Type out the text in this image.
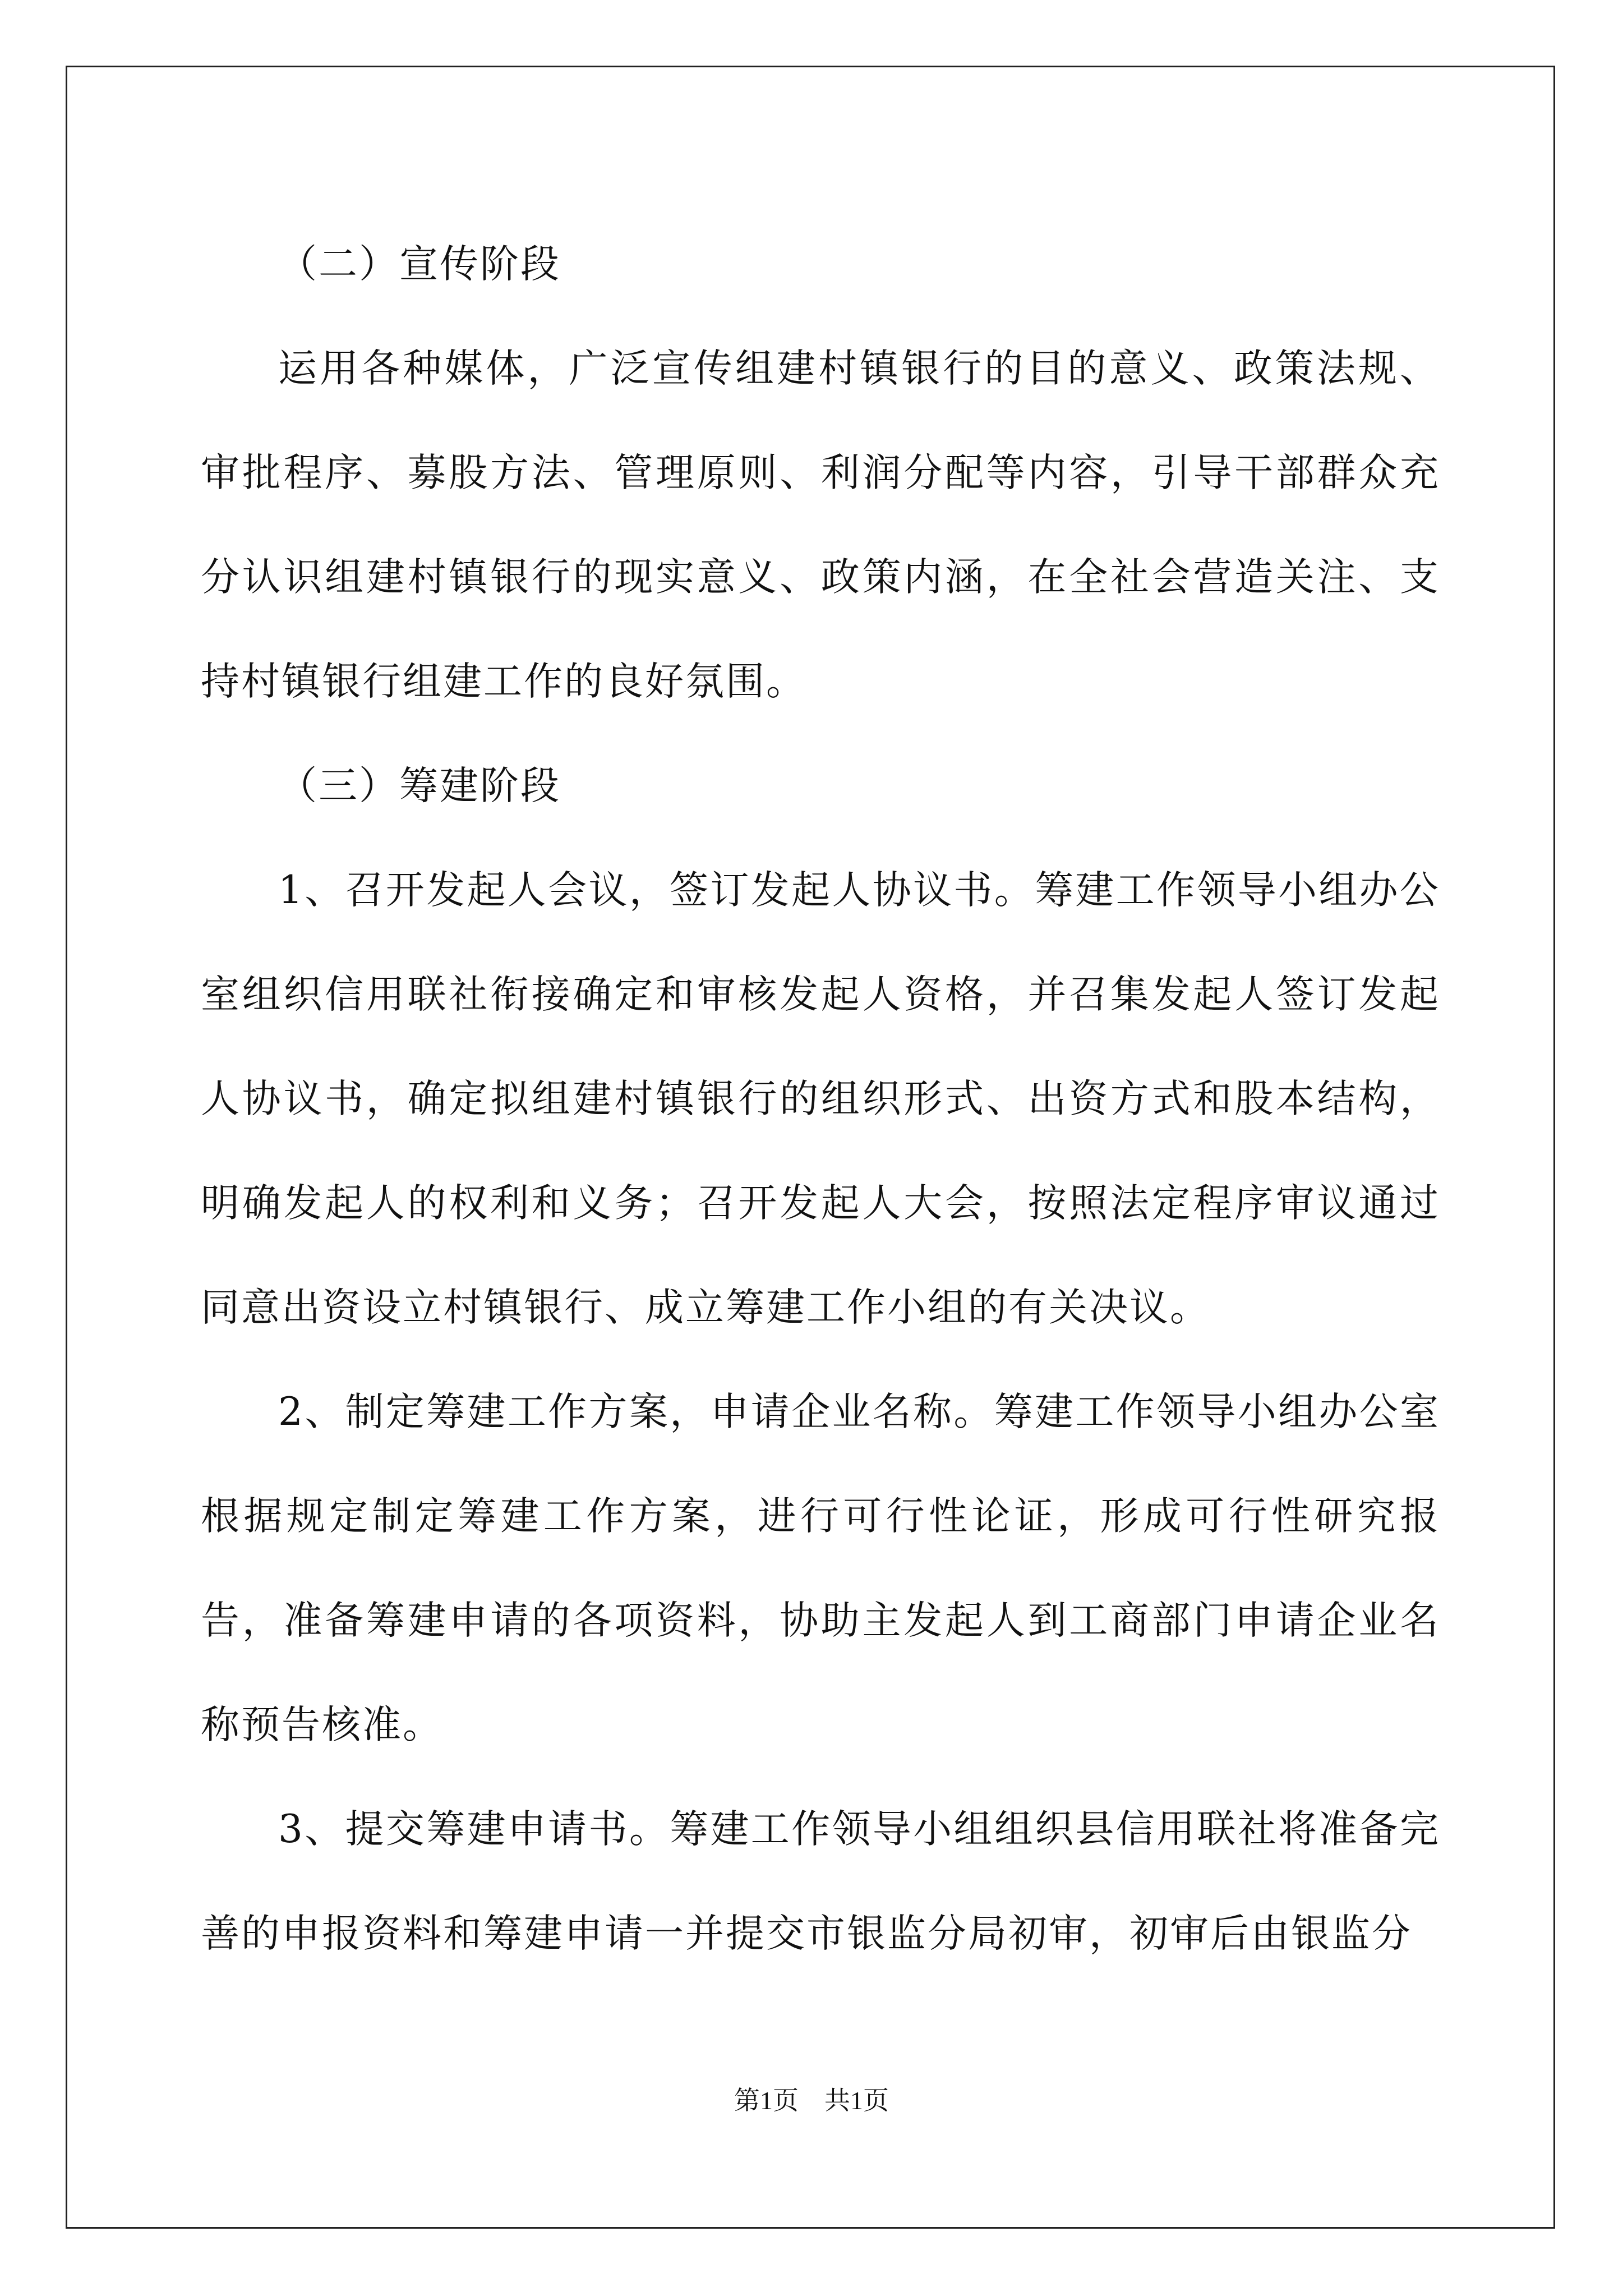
（二）宣传阶段

运用各种媒体，广泛宣传组建村镇银行的目的意义、政策法规、审批程序、募股方法、管理原则、利润分配等内容，引导干部群众充分认识组建村镇银行的现实意义、政策内涵，在全社会营造关注、支持村镇银行组建工作的良好氛围。

（三）筹建阶段

1、召开发起人会议，签订发起人协议书。筹建工作领导小组办公室组织信用联社衔接确定和审核发起人资格，并召集发起人签订发起人协议书，确定拟组建村镇银行的组织形式、出资方式和股本结构，明确发起人的权利和义务；召开发起人大会，按照法定程序审议通过同意出资设立村镇银行、成立筹建工作小组的有关决议。

2、制定筹建工作方案，申请企业名称。筹建工作领导小组办公室根据规定制定筹建工作方案，进行可行性论证，形成可行性研究报告，准备筹建申请的各项资料，协助主发起人到工商部门申请企业名称预告核准。

3、提交筹建申请书。筹建工作领导小组组织县信用联社将准备完善的申报资料和筹建申请一并提交市银监分局初审，初审后由银监分

第1页　共1页
